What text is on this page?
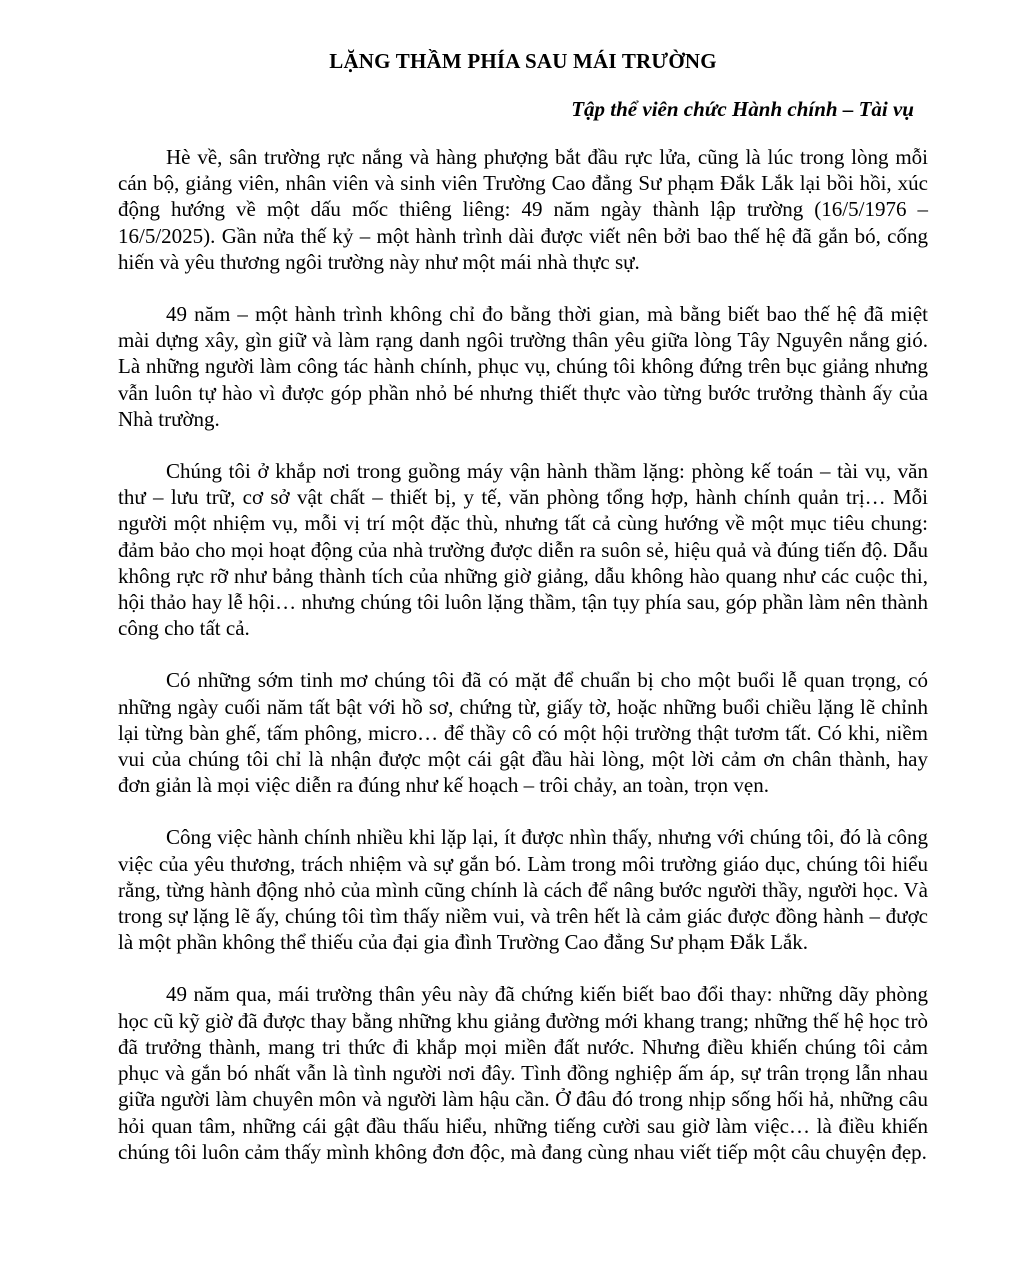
LẶNG THẦM PHÍA SAU MÁI TRƯỜNG
Tập thể viên chức Hành chính – Tài vụ

Hè về, sân trường rực nắng và hàng phượng bắt đầu rực lửa, cũng là lúc trong lòng mỗi cán bộ, giảng viên, nhân viên và sinh viên Trường Cao đẳng Sư phạm Đắk Lắk lại bồi hồi, xúc động hướng về một dấu mốc thiêng liêng: 49 năm ngày thành lập trường (16/5/1976 – 16/5/2025). Gần nửa thế kỷ – một hành trình dài được viết nên bởi bao thế hệ đã gắn bó, cống hiến và yêu thương ngôi trường này như một mái nhà thực sự.

49 năm – một hành trình không chỉ đo bằng thời gian, mà bằng biết bao thế hệ đã miệt mài dựng xây, gìn giữ và làm rạng danh ngôi trường thân yêu giữa lòng Tây Nguyên nắng gió. Là những người làm công tác hành chính, phục vụ, chúng tôi không đứng trên bục giảng nhưng vẫn luôn tự hào vì được góp phần nhỏ bé nhưng thiết thực vào từng bước trưởng thành ấy của Nhà trường.

Chúng tôi ở khắp nơi trong guồng máy vận hành thầm lặng: phòng kế toán – tài vụ, văn thư – lưu trữ, cơ sở vật chất – thiết bị, y tế, văn phòng tổng hợp, hành chính quản trị… Mỗi người một nhiệm vụ, mỗi vị trí một đặc thù, nhưng tất cả cùng hướng về một mục tiêu chung: đảm bảo cho mọi hoạt động của nhà trường được diễn ra suôn sẻ, hiệu quả và đúng tiến độ. Dẫu không rực rỡ như bảng thành tích của những giờ giảng, dẫu không hào quang như các cuộc thi, hội thảo hay lễ hội… nhưng chúng tôi luôn lặng thầm, tận tụy phía sau, góp phần làm nên thành công cho tất cả.

Có những sớm tinh mơ chúng tôi đã có mặt để chuẩn bị cho một buổi lễ quan trọng, có những ngày cuối năm tất bật với hồ sơ, chứng từ, giấy tờ, hoặc những buổi chiều lặng lẽ chỉnh lại từng bàn ghế, tấm phông, micro… để thầy cô có một hội trường thật tươm tất. Có khi, niềm vui của chúng tôi chỉ là nhận được một cái gật đầu hài lòng, một lời cảm ơn chân thành, hay đơn giản là mọi việc diễn ra đúng như kế hoạch – trôi chảy, an toàn, trọn vẹn.

Công việc hành chính nhiều khi lặp lại, ít được nhìn thấy, nhưng với chúng tôi, đó là công việc của yêu thương, trách nhiệm và sự gắn bó. Làm trong môi trường giáo dục, chúng tôi hiểu rằng, từng hành động nhỏ của mình cũng chính là cách để nâng bước người thầy, người học. Và trong sự lặng lẽ ấy, chúng tôi tìm thấy niềm vui, và trên hết là cảm giác được đồng hành – được là một phần không thể thiếu của đại gia đình Trường Cao đẳng Sư phạm Đắk Lắk.

49 năm qua, mái trường thân yêu này đã chứng kiến biết bao đổi thay: những dãy phòng học cũ kỹ giờ đã được thay bằng những khu giảng đường mới khang trang; những thế hệ học trò đã trưởng thành, mang tri thức đi khắp mọi miền đất nước. Nhưng điều khiến chúng tôi cảm phục và gắn bó nhất vẫn là tình người nơi đây. Tình đồng nghiệp ấm áp, sự trân trọng lẫn nhau giữa người làm chuyên môn và người làm hậu cần. Ở đâu đó trong nhịp sống hối hả, những câu hỏi quan tâm, những cái gật đầu thấu hiểu, những tiếng cười sau giờ làm việc… là điều khiến chúng tôi luôn cảm thấy mình không đơn độc, mà đang cùng nhau viết tiếp một câu chuyện đẹp.
